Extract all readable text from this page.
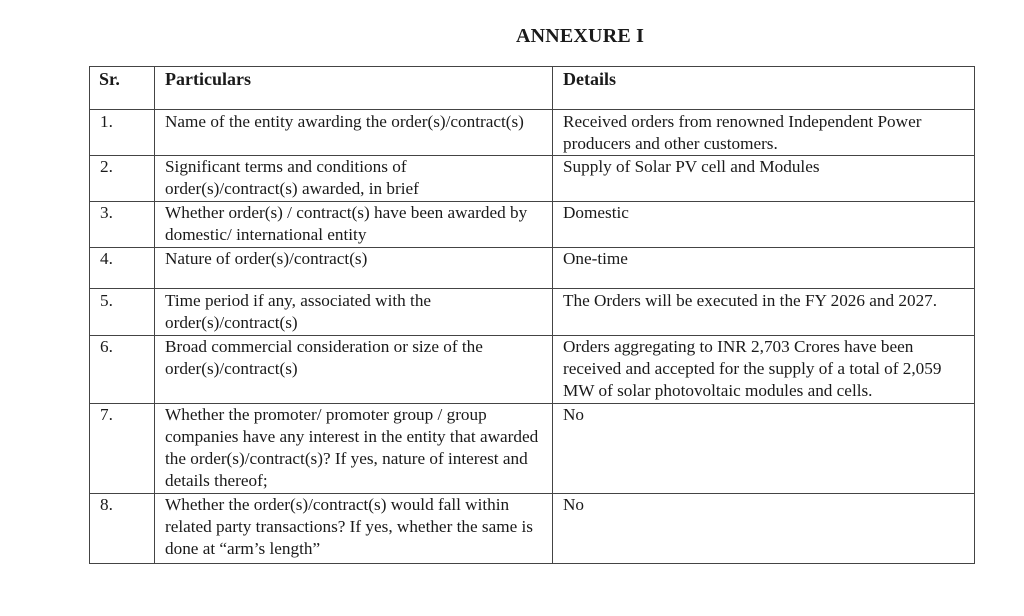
ANNEXURE I
Sr.	Particulars	Details
1.	Name of the entity awarding the order(s)/contract(s)	Received orders from renowned Independent Power producers and other customers.
2.	Significant terms and conditions of order(s)/contract(s) awarded, in brief	Supply of Solar PV cell and Modules
3.	Whether order(s) / contract(s) have been awarded by domestic/ international entity	Domestic
4.	Nature of order(s)/contract(s)	One-time
5.	Time period if any, associated with the order(s)/contract(s)	The Orders will be executed in the FY 2026 and 2027.
6.	Broad commercial consideration or size of the order(s)/contract(s)	Orders aggregating to INR 2,703 Crores have been received and accepted for the supply of a total of 2,059 MW of solar photovoltaic modules and cells.
7.	Whether the promoter/ promoter group / group companies have any interest in the entity that awarded the order(s)/contract(s)? If yes, nature of interest and details thereof;	No
8.	Whether the order(s)/contract(s) would fall within related party transactions? If yes, whether the same is done at “arm’s length”	No
